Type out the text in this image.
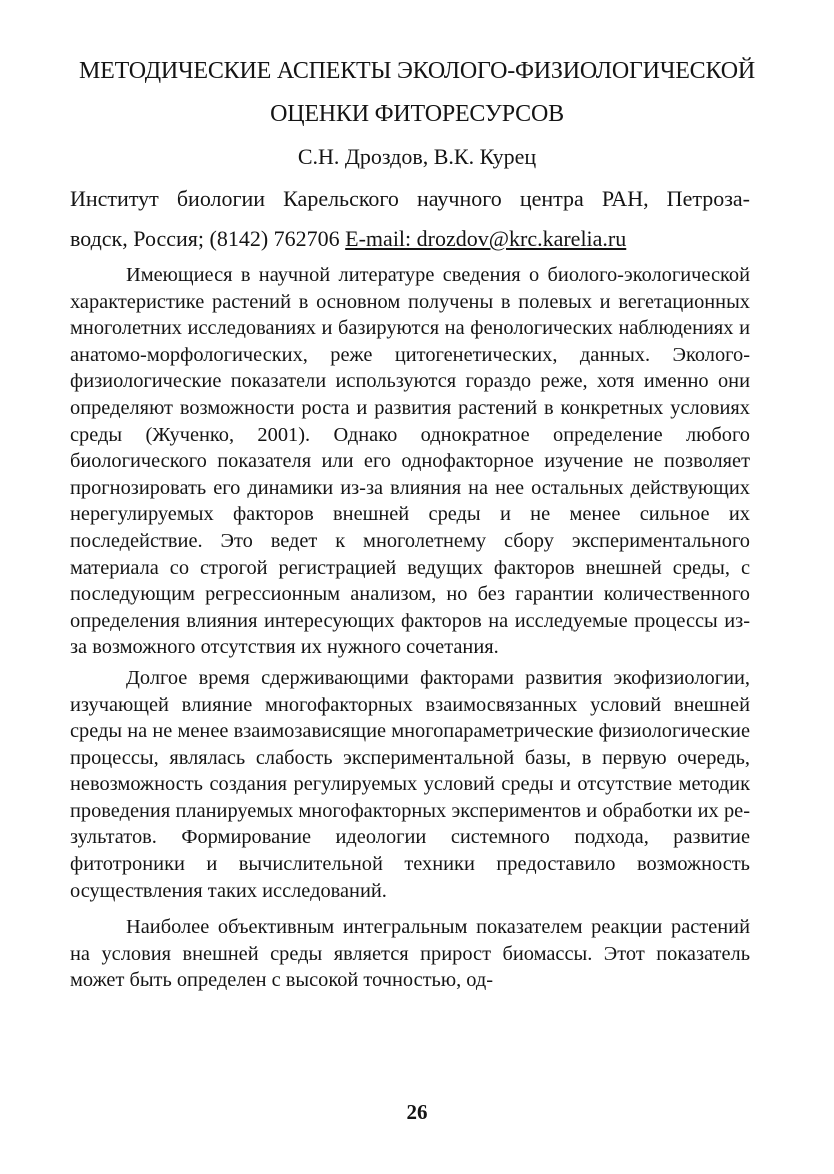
МЕТОДИЧЕСКИЕ АСПЕКТЫ ЭКОЛОГО-ФИЗИОЛОГИЧЕСКОЙ
ОЦЕНКИ ФИТОРЕСУРСОВ
С.Н. Дроздов, В.К. Курец
Институт биологии Карельского научного центра РАН, Петроза-
водск, Россия; (8142) 762706 E-mail: drozdov@krc.karelia.ru

Имеющиеся в научной литературе сведения о биолого-экологической характеристике растений в основном получены в полевых и вегетационных многолетних исследованиях и базируются на фенологических наблюдениях и анатомо-морфологических, реже цитогенетических, данных. Эколого-физиологические показатели используются гораздо реже, хотя именно они определяют возможности роста и развития растений в конкретных условиях среды (Жученко, 2001). Однако однократное определение любого биологического показателя или его однофакторное изучение не позволяет прогнозировать его динамики из-за влияния на нее остальных действующих нерегулируемых факторов внешней среды и не менее сильное их последействие. Это ведет к многолетнему сбору экспериментального материала со строгой регистрацией ведущих факторов внешней среды, с последующим регрессионным анализом, но без гарантии количественного определения влияния интересующих факторов на исследуемые процессы из-за возможного отсутствия их нужного сочетания.

Долгое время сдерживающими факторами развития экофизиологии, изучающей влияние многофакторных взаимосвязанных условий внешней среды на не менее взаимозависящие многопараметрические физиологические процессы, являлась слабость экспериментальной базы, в первую очередь, невозможность создания регулируемых условий среды и отсутствие методик проведения планируемых многофакторных экспериментов и обработки их результатов. Формирование идеологии системного подхода, развитие фитотроники и вычислительной техники предоставило возможность осуществления таких исследований.

Наиболее объективным интегральным показателем реакции растений на условия внешней среды является прирост биомассы. Этот показатель может быть определен с высокой точностью, од-

26
